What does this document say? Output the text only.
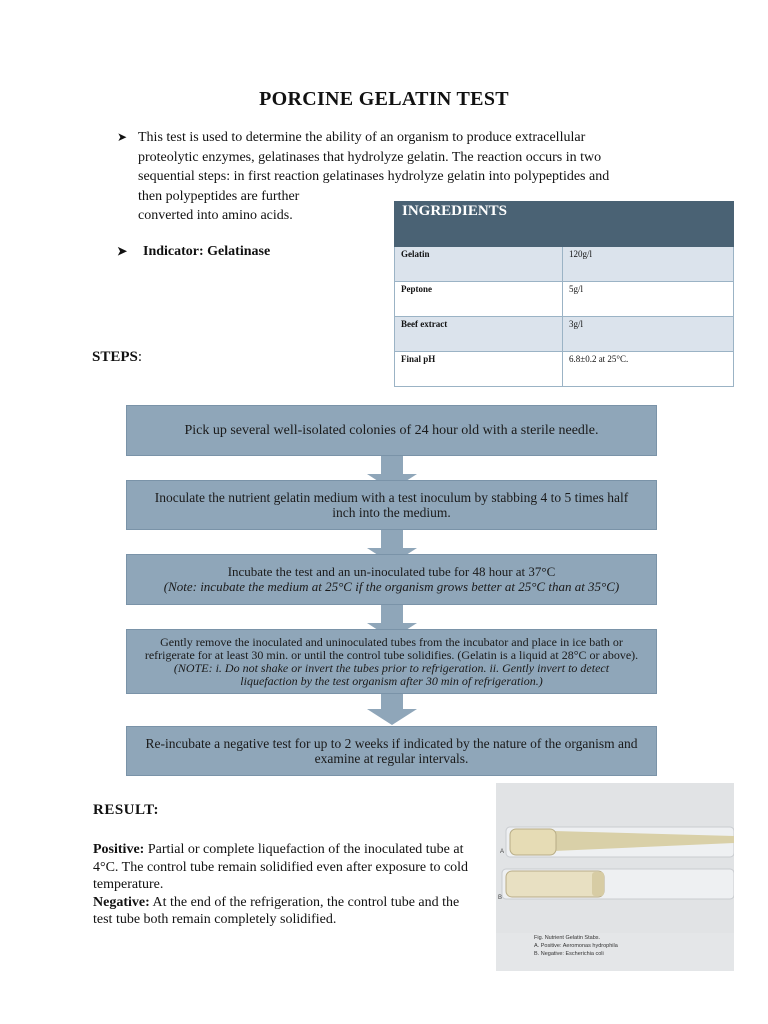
PORCINE GELATIN TEST
➤ This test is used to determine the ability of an organism to produce extracellular
proteolytic enzymes, gelatinases that hydrolyze gelatin. The reaction occurs in two
sequential steps: in first reaction gelatinases hydrolyze gelatin into polypeptides and
then polypeptides are further
converted into amino acids.
➤ Indicator: Gelatinase
INGREDIENTS	
Gelatin	120g/l
Peptone	5g/l
Beef extract	3g/l
Final pH	6.8±0.2 at 25°C.
STEPS:
Pick up several well-isolated colonies of 24 hour old with a sterile needle.
Inoculate the nutrient gelatin medium with a test inoculum by stabbing 4 to 5 times half inch into the medium.
Incubate the test and an un-inoculated tube for 48 hour at 37°C
(Note: incubate the medium at 25°C if the organism grows better at 25°C than at 35°C)
Gently remove the inoculated and uninoculated tubes from the incubator and place in ice bath or refrigerate for at least 30 min. or until the control tube solidifies. (Gelatin is a liquid at 28°C or above).
(NOTE: i. Do not shake or invert the tubes prior to refrigeration. ii. Gently invert to detect liquefaction by the test organism after 30 min of refrigeration.)
Re-incubate a negative test for up to 2 weeks if indicated by the nature of the organism and examine at regular intervals.
RESULT:
Positive: Partial or complete liquefaction of the inoculated tube at 4°C. The control tube remain solidified even after exposure to cold temperature.
Negative: At the end of the refrigeration, the control tube and the test tube both remain completely solidified.
A
B
Fig. Nutrient Gelatin Stabs.
A. Positive: Aeromonas hydrophila
B. Negative: Escherichia coli
